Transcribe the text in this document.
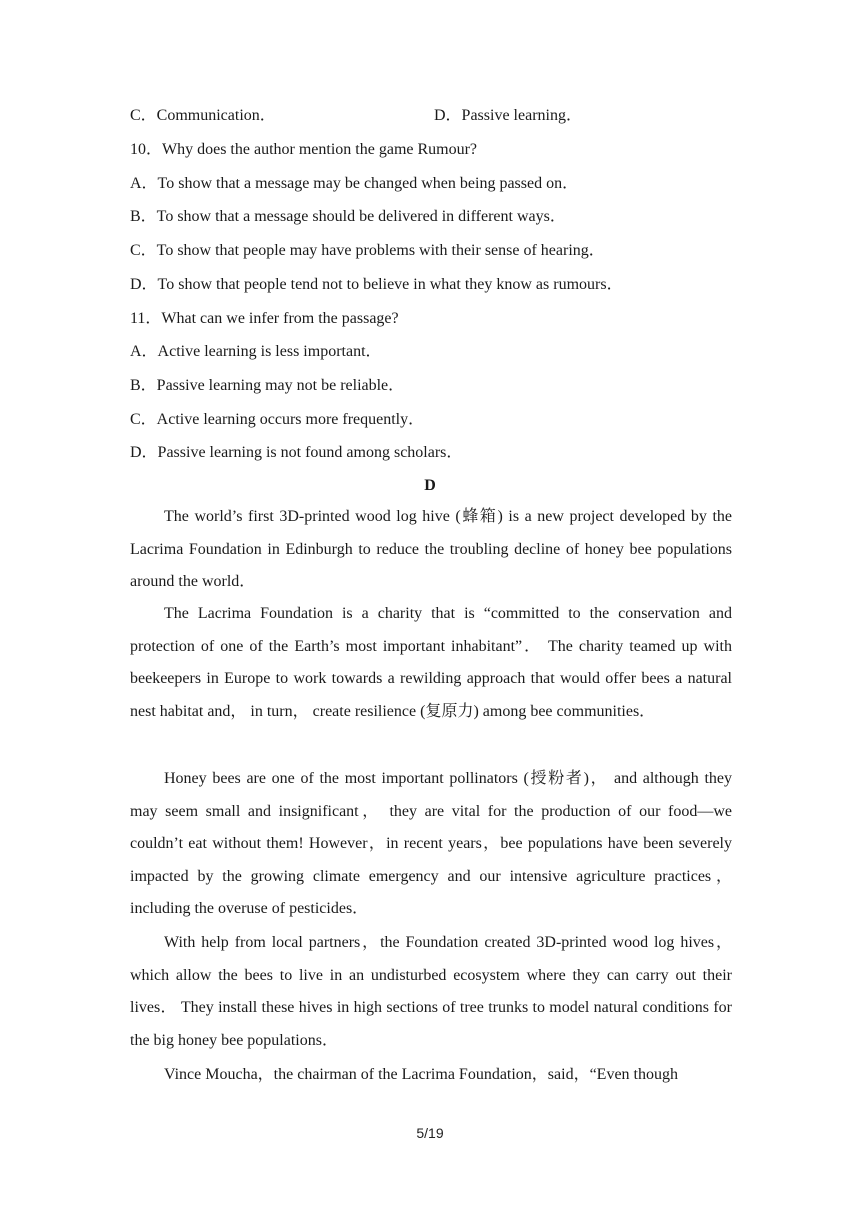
C．Communication．	D．Passive learning．
10．Why does the author mention the game Rumour?
A．To show that a message may be changed when being passed on．
B．To show that a message should be delivered in different ways．
C．To show that people may have problems with their sense of hearing．
D．To show that people tend not to believe in what they know as rumours．
11．What can we infer from the passage?
A．Active learning is less important．
B．Passive learning may not be reliable．
C．Active learning occurs more frequently．
D．Passive learning is not found among scholars．
D

The world’s first 3D-printed wood log hive (蜂箱) is a new project developed by the Lacrima Foundation in Edinburgh to reduce the troubling decline of honey bee populations around the world．

The Lacrima Foundation is a charity that is “committed to the conservation and protection of one of the Earth’s most important inhabitant”． The charity teamed up with beekeepers in Europe to work towards a rewilding approach that would offer bees a natural nest habitat and， in turn， create resilience (复原力) among bee communities．

Honey bees are one of the most important pollinators (授粉者)， and although they may seem small and insignificant， they are vital for the production of our food—we couldn’t eat without them! However，in recent years，bee populations have been severely impacted by the growing climate emergency and our intensive agriculture practices，including the overuse of pesticides．

With help from local partners，the Foundation created 3D-printed wood log hives，which allow the bees to live in an undisturbed ecosystem where they can carry out their lives． They install these hives in high sections of tree trunks to model natural conditions for the big honey bee populations．

Vince Moucha，the chairman of the Lacrima Foundation，said，“Even though

5/19
